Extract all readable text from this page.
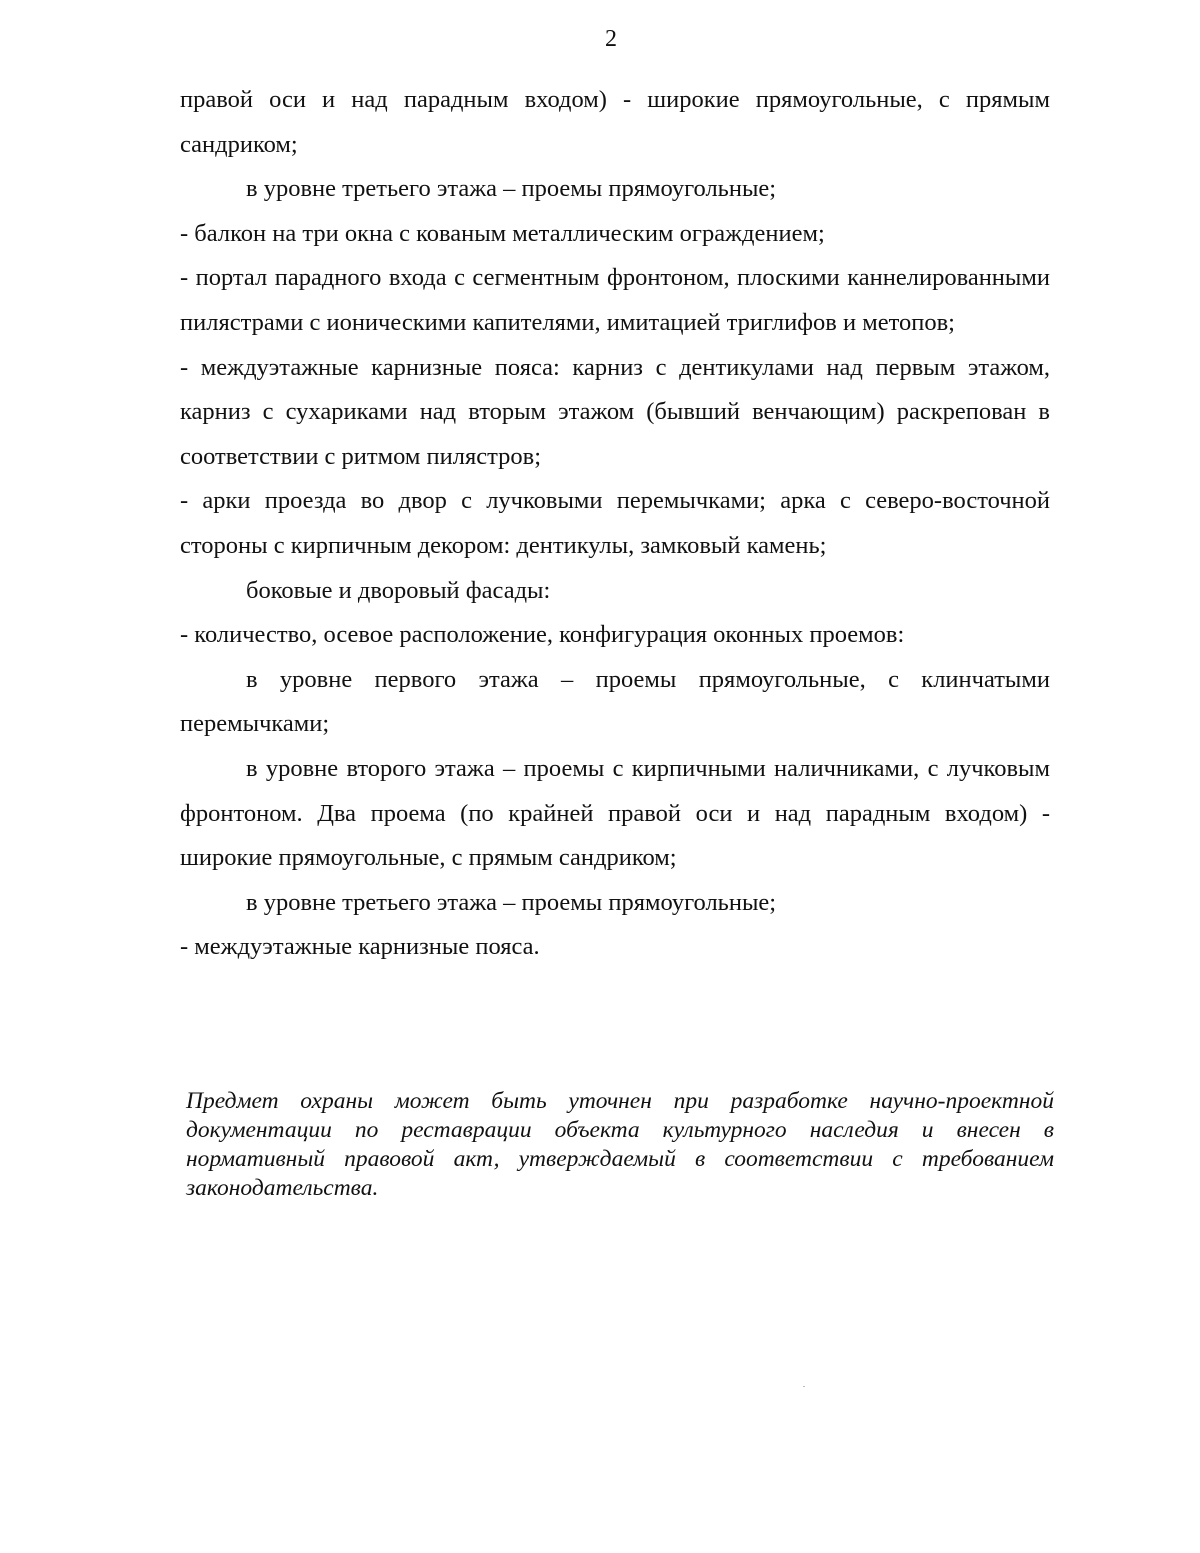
2

правой оси и над парадным входом) - широкие прямоугольные, с прямым сандриком;

в уровне третьего этажа – проемы прямоугольные;

- балкон на три окна с кованым металлическим ограждением;

- портал парадного входа с сегментным фронтоном, плоскими каннелированными пилястрами с ионическими капителями, имитацией триглифов и метопов;

- междуэтажные карнизные пояса: карниз с дентикулами над первым этажом, карниз с сухариками над вторым этажом (бывший венчающим) раскрепован в соответствии с ритмом пилястров;

- арки проезда во двор с лучковыми перемычками; арка с северо-восточной стороны с кирпичным декором: дентикулы, замковый камень;

боковые и дворовый фасады:

- количество, осевое расположение, конфигурация оконных проемов:

в уровне первого этажа – проемы прямоугольные, с клинчатыми перемычками;

в уровне второго этажа – проемы с кирпичными наличниками, с лучковым фронтоном. Два проема (по крайней правой оси и над парадным входом) - широкие прямоугольные, с прямым сандриком;

в уровне третьего этажа – проемы прямоугольные;

- междуэтажные карнизные пояса.

Предмет охраны может быть уточнен при разработке научно-проектной документации по реставрации объекта культурного наследия и внесен в нормативный правовой акт, утверждаемый в соответствии с требованием законодательства.
